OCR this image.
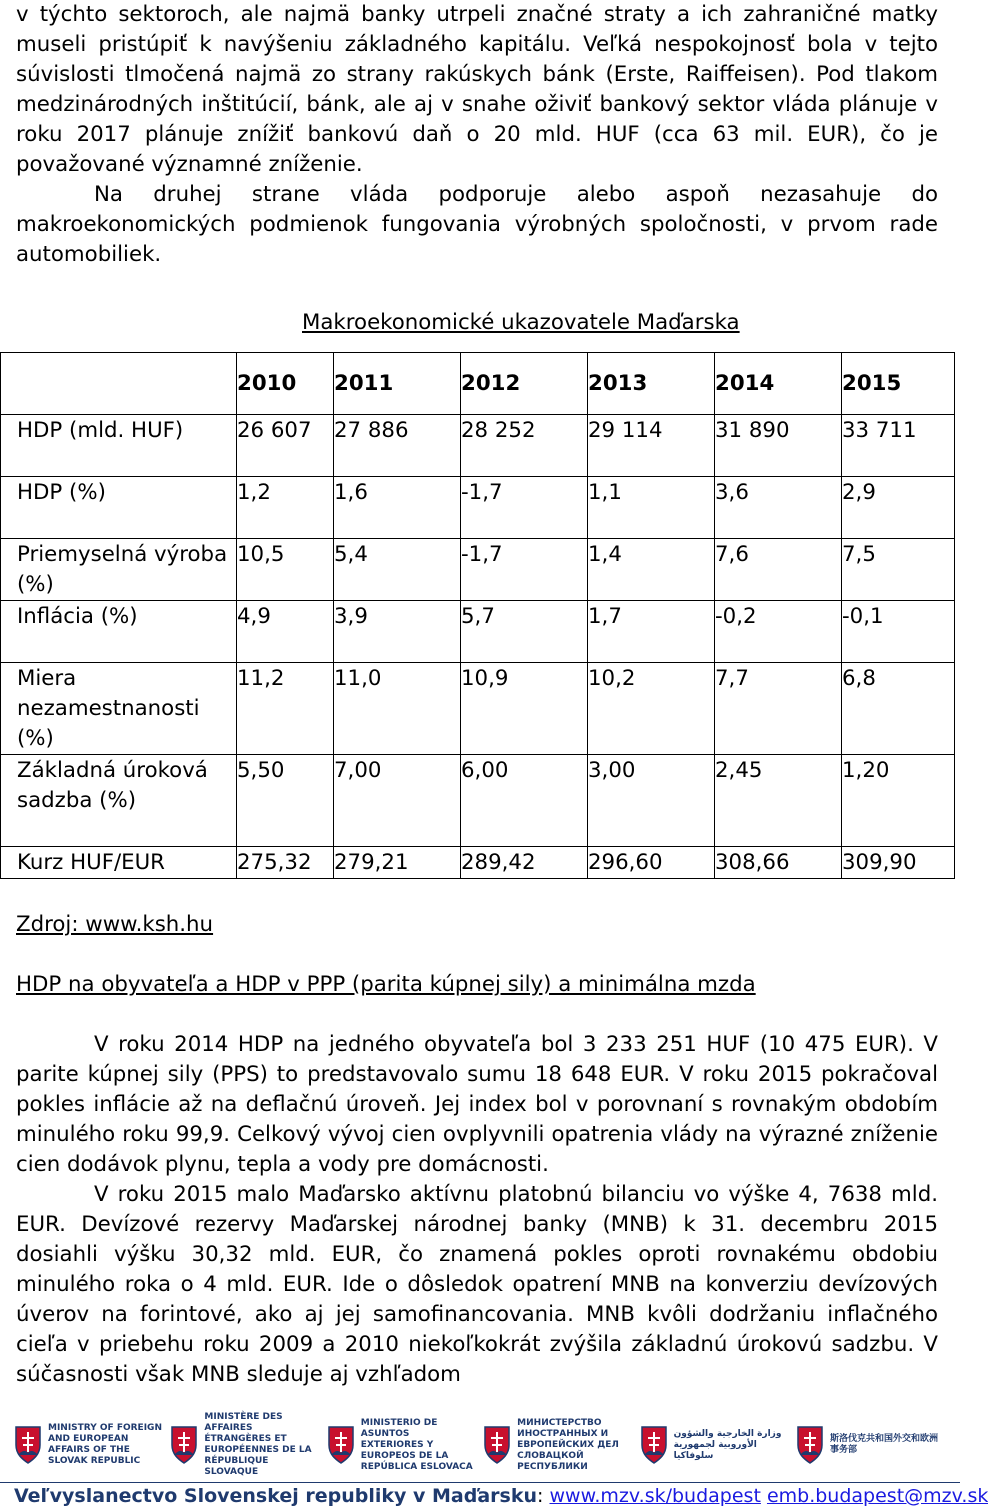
v týchto sektoroch, ale najmä banky utrpeli značné straty a ich zahraničné matky museli pristúpiť k navýšeniu základného kapitálu. Veľká nespokojnosť bola v tejto súvislosti tlmočená najmä zo strany rakúskych bánk (Erste, Raiffeisen). Pod tlakom medzinárodných inštitúcií, bánk, ale aj v snahe oživiť bankový sektor vláda plánuje v roku 2017 plánuje znížiť bankovú daň o 20 mld. HUF (cca 63 mil. EUR), čo je považované významné zníženie.

Na druhej strane vláda podporuje alebo aspoň nezasahuje do makroekonomických podmienok fungovania výrobných spoločnosti, v prvom rade automobiliek.

Makroekonomické ukazovatele Maďarska
	2010	2011	2012	2013	2014	2015
HDP (mld. HUF)	26 607	27 886	28 252	29 114	31 890	33 711
HDP (%)	1,2	1,6	-1,7	1,1	3,6	2,9
Priemyselná výroba (%)	10,5	5,4	-1,7	1,4	7,6	7,5
Inflácia (%)	4,9	3,9	5,7	1,7	-0,2	-0,1
Miera nezamestnanosti (%)	11,2	11,0	10,9	10,2	7,7	6,8
Základná úroková sadzba (%)	5,50	7,00	6,00	3,00	2,45	1,20
Kurz HUF/EUR	275,32	279,21	289,42	296,60	308,66	309,90
Zdroj: www.ksh.hu
HDP na obyvateľa a HDP v PPP (parita kúpnej sily) a minimálna mzda

V roku 2014 HDP na jedného obyvateľa bol 3 233 251 HUF (10 475 EUR). V parite kúpnej sily (PPS) to predstavovalo sumu 18 648 EUR. V roku 2015 pokračoval pokles inflácie až na deflačnú úroveň. Jej index bol v porovnaní s rovnakým obdobím minulého roku 99,9. Celkový vývoj cien ovplyvnili opatrenia vlády na výrazné zníženie cien dodávok plynu, tepla a vody pre domácnosti.

V roku 2015 malo Maďarsko aktívnu platobnú bilanciu vo výške 4, 7638 mld. EUR. Devízové rezervy Maďarskej národnej banky (MNB) k 31. decembru 2015 dosiahli výšku 30,32 mld. EUR, čo znamená pokles oproti rovnakému obdobiu minulého roka o 4 mld. EUR. Ide o dôsledok opatrení MNB na konverziu devízových úverov na forintové, ako aj jej samofinancovania. MNB kvôli dodržaniu inflačného cieľa v priebehu roku 2009 a 2010 niekoľkokrát zvýšila základnú úrokovú sadzbu. V súčasnosti však MNB sleduje aj vzhľadom

MINISTRY OF FOREIGN AND EUROPEAN AFFAIRS OF THE SLOVAK REPUBLIC
MINISTÈRE DES AFFAIRES ÉTRANGÈRES ET EUROPÉENNES DE LA RÉPUBLIQUE SLOVAQUE
MINISTERIO DE ASUNTOS EXTERIORES Y EUROPEOS DE LA REPÚBLICA ESLOVACA
МИНИСТЕРСТВО ИНОСТРАННЫХ И ЕВРОПЕЙСКИХ ДЕЛ СЛОВАЦКОЙ РЕСПУБЛИКИ
وزارة الخارجية والشؤون الأوروبية لجمهورية سلوفاكيا
斯洛伐克共和国外交和欧洲事务部
Veľvyslanectvo Slovenskej republiky v Maďarsku: www.mzv.sk/budapest emb.budapest@mzv.sk
